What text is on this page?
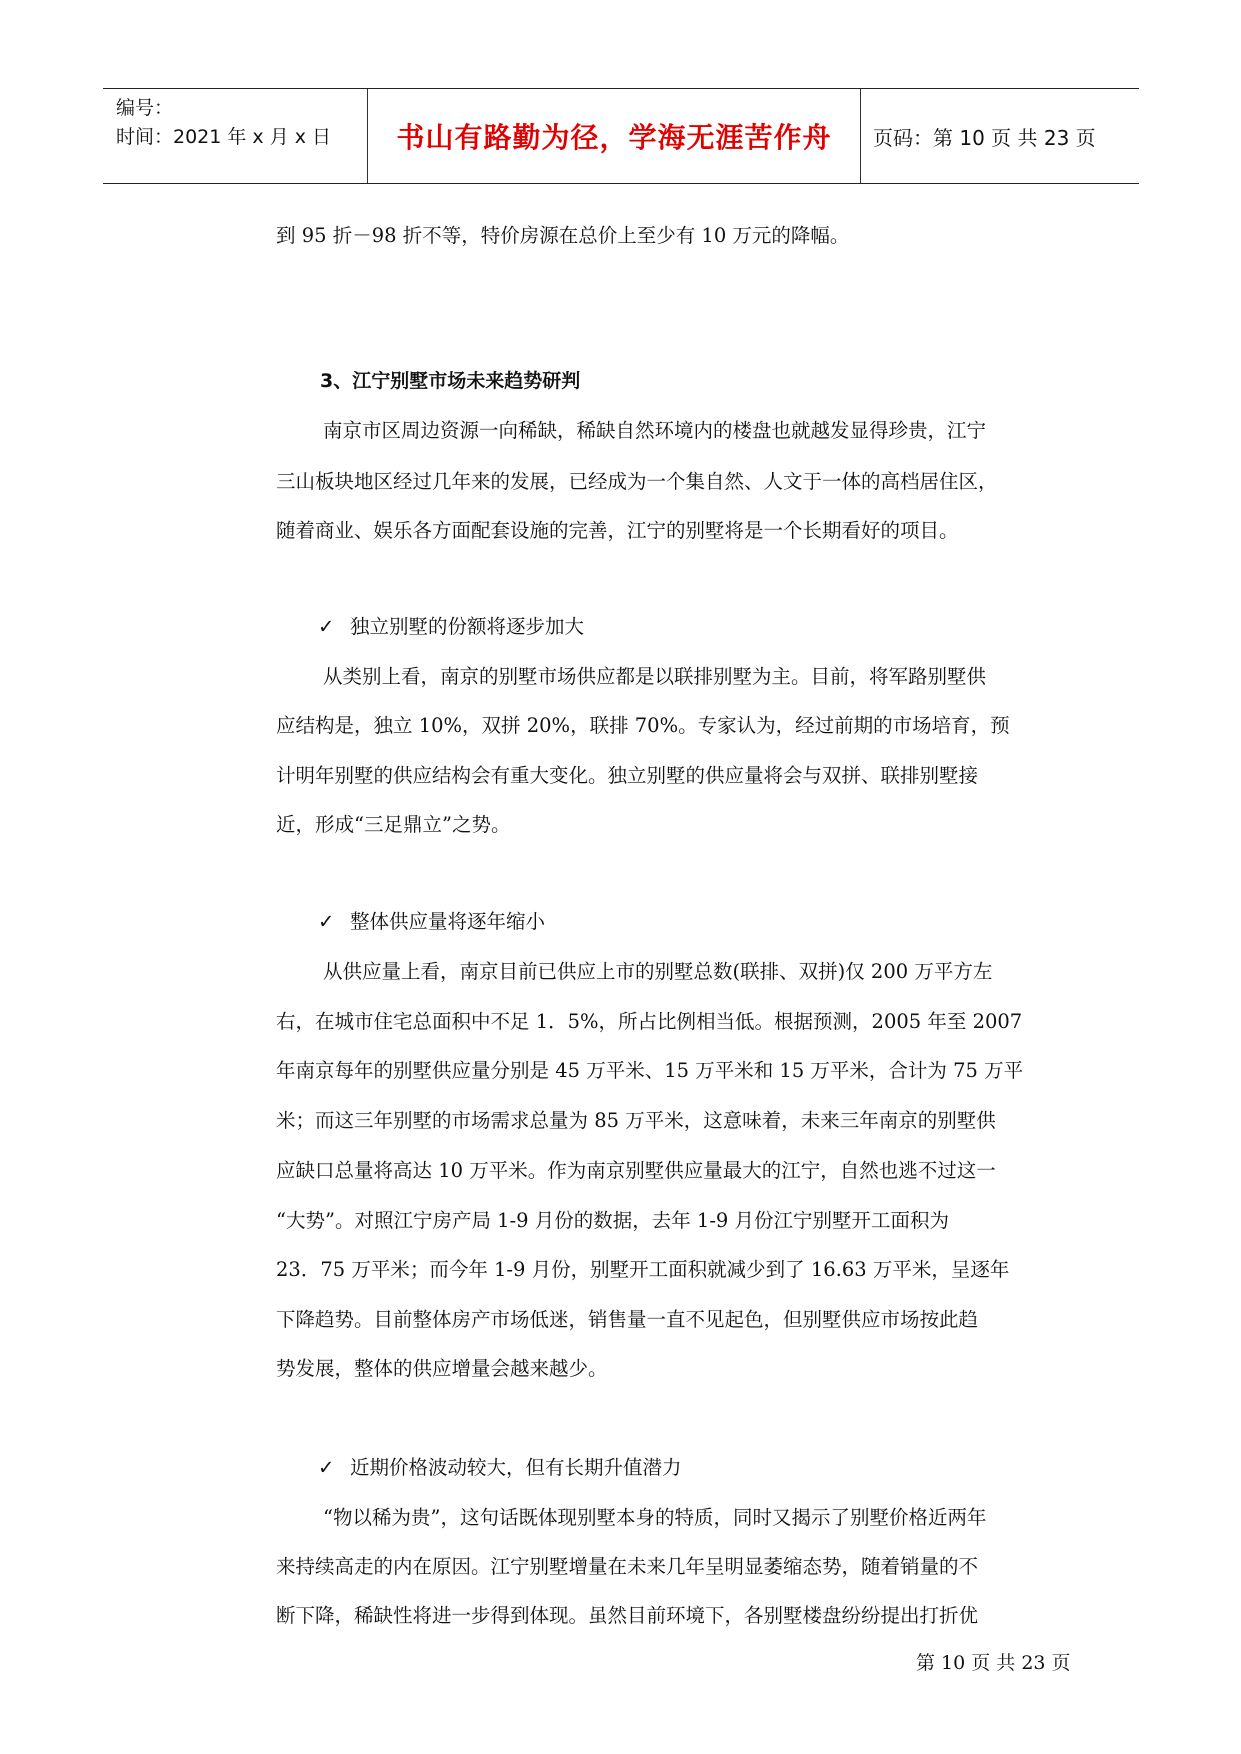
编号：
时间：2021 年 x 月 x 日 书山有路勤为径，学海无涯苦作舟 页码：第 10 页 共 23 页
到 95 折－98 折不等，特价房源在总价上至少有 10 万元的降幅。
3、江宁别墅市场未来趋势研判
南京市区周边资源一向稀缺，稀缺自然环境内的楼盘也就越发显得珍贵，江宁
三山板块地区经过几年来的发展，已经成为一个集自然、人文于一体的高档居住区，
随着商业、娱乐各方面配套设施的完善，江宁的别墅将是一个长期看好的项目。
✓ 独立别墅的份额将逐步加大
从类别上看，南京的别墅市场供应都是以联排别墅为主。目前，将军路别墅供
应结构是，独立 10%，双拼 20%，联排 70%。专家认为，经过前期的市场培育，预
计明年别墅的供应结构会有重大变化。独立别墅的供应量将会与双拼、联排别墅接
近，形成“三足鼎立”之势。
✓ 整体供应量将逐年缩小
从供应量上看，南京目前已供应上市的别墅总数(联排、双拼)仅 200 万平方左
右，在城市住宅总面积中不足 1．5%，所占比例相当低。根据预测，2005 年至 2007
年南京每年的别墅供应量分别是 45 万平米、15 万平米和 15 万平米，合计为 75 万平
米；而这三年别墅的市场需求总量为 85 万平米，这意味着，未来三年南京的别墅供
应缺口总量将高达 10 万平米。作为南京别墅供应量最大的江宁，自然也逃不过这一
“大势”。对照江宁房产局 1-9 月份的数据，去年 1-9 月份江宁别墅开工面积为
23．75 万平米；而今年 1-9 月份，别墅开工面积就减少到了 16.63 万平米，呈逐年
下降趋势。目前整体房产市场低迷，销售量一直不见起色，但别墅供应市场按此趋
势发展，整体的供应增量会越来越少。
✓ 近期价格波动较大，但有长期升值潜力
“物以稀为贵”，这句话既体现别墅本身的特质，同时又揭示了别墅价格近两年
来持续高走的内在原因。江宁别墅增量在未来几年呈明显萎缩态势，随着销量的不
断下降，稀缺性将进一步得到体现。虽然目前环境下，各别墅楼盘纷纷提出打折优
第 10 页 共 23 页
